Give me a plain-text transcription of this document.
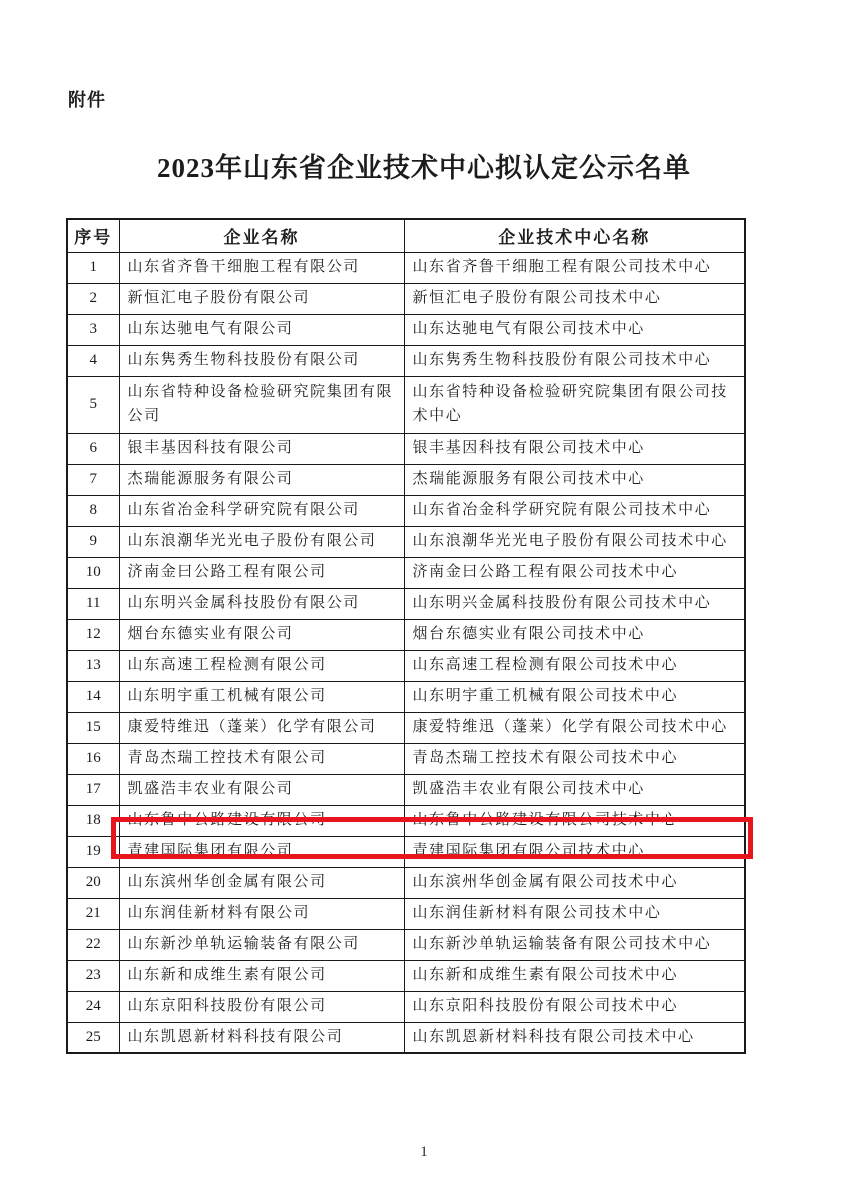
附件
2023年山东省企业技术中心拟认定公示名单
序号	企业名称	企业技术中心名称
1	山东省齐鲁干细胞工程有限公司	山东省齐鲁干细胞工程有限公司技术中心
2	新恒汇电子股份有限公司	新恒汇电子股份有限公司技术中心
3	山东达驰电气有限公司	山东达驰电气有限公司技术中心
4	山东隽秀生物科技股份有限公司	山东隽秀生物科技股份有限公司技术中心
5	山东省特种设备检验研究院集团有限公司	山东省特种设备检验研究院集团有限公司技术中心
6	银丰基因科技有限公司	银丰基因科技有限公司技术中心
7	杰瑞能源服务有限公司	杰瑞能源服务有限公司技术中心
8	山东省冶金科学研究院有限公司	山东省冶金科学研究院有限公司技术中心
9	山东浪潮华光光电子股份有限公司	山东浪潮华光光电子股份有限公司技术中心
10	济南金曰公路工程有限公司	济南金曰公路工程有限公司技术中心
11	山东明兴金属科技股份有限公司	山东明兴金属科技股份有限公司技术中心
12	烟台东德实业有限公司	烟台东德实业有限公司技术中心
13	山东高速工程检测有限公司	山东高速工程检测有限公司技术中心
14	山东明宇重工机械有限公司	山东明宇重工机械有限公司技术中心
15	康爱特维迅（蓬莱）化学有限公司	康爱特维迅（蓬莱）化学有限公司技术中心
16	青岛杰瑞工控技术有限公司	青岛杰瑞工控技术有限公司技术中心
17	凯盛浩丰农业有限公司	凯盛浩丰农业有限公司技术中心
18	山东鲁中公路建设有限公司	山东鲁中公路建设有限公司技术中心
19	青建国际集团有限公司	青建国际集团有限公司技术中心
20	山东滨州华创金属有限公司	山东滨州华创金属有限公司技术中心
21	山东润佳新材料有限公司	山东润佳新材料有限公司技术中心
22	山东新沙单轨运输装备有限公司	山东新沙单轨运输装备有限公司技术中心
23	山东新和成维生素有限公司	山东新和成维生素有限公司技术中心
24	山东京阳科技股份有限公司	山东京阳科技股份有限公司技术中心
25	山东凯恩新材料科技有限公司	山东凯恩新材料科技有限公司技术中心
1
